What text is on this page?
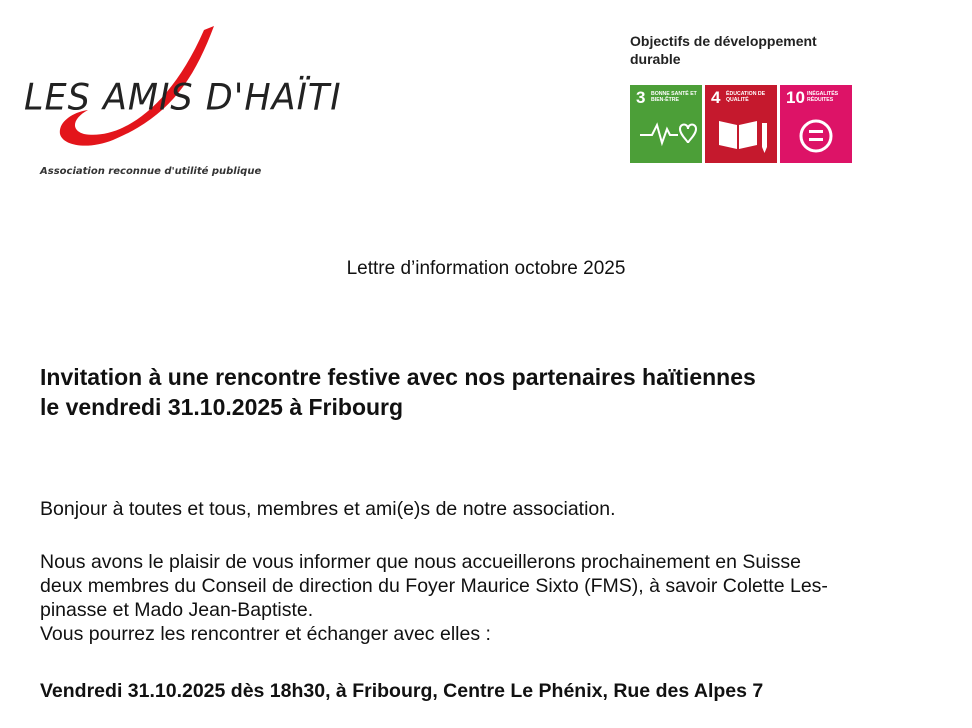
LES AMIS D'HAÏTI
Association reconnue d'utilité publique
Objectifs de développement
durable
3 BONNE SANTÉ ET BIEN-ÊTRE	4 ÉDUCATION DE QUALITÉ	10 INÉGALITÉS RÉDUITES
Lettre d’information octobre 2025
Invitation à une rencontre festive avec nos partenaires haïtiennes
le vendredi 31.10.2025 à Fribourg
Bonjour à toutes et tous, membres et ami(e)s de notre association.
Nous avons le plaisir de vous informer que nous accueillerons prochainement en Suisse
deux membres du Conseil de direction du Foyer Maurice Sixto (FMS), à savoir Colette Les-
pinasse et Mado Jean-Baptiste.
Vous pourrez les rencontrer et échanger avec elles :
Vendredi 31.10.2025 dès 18h30, à Fribourg, Centre Le Phénix, Rue des Alpes 7
